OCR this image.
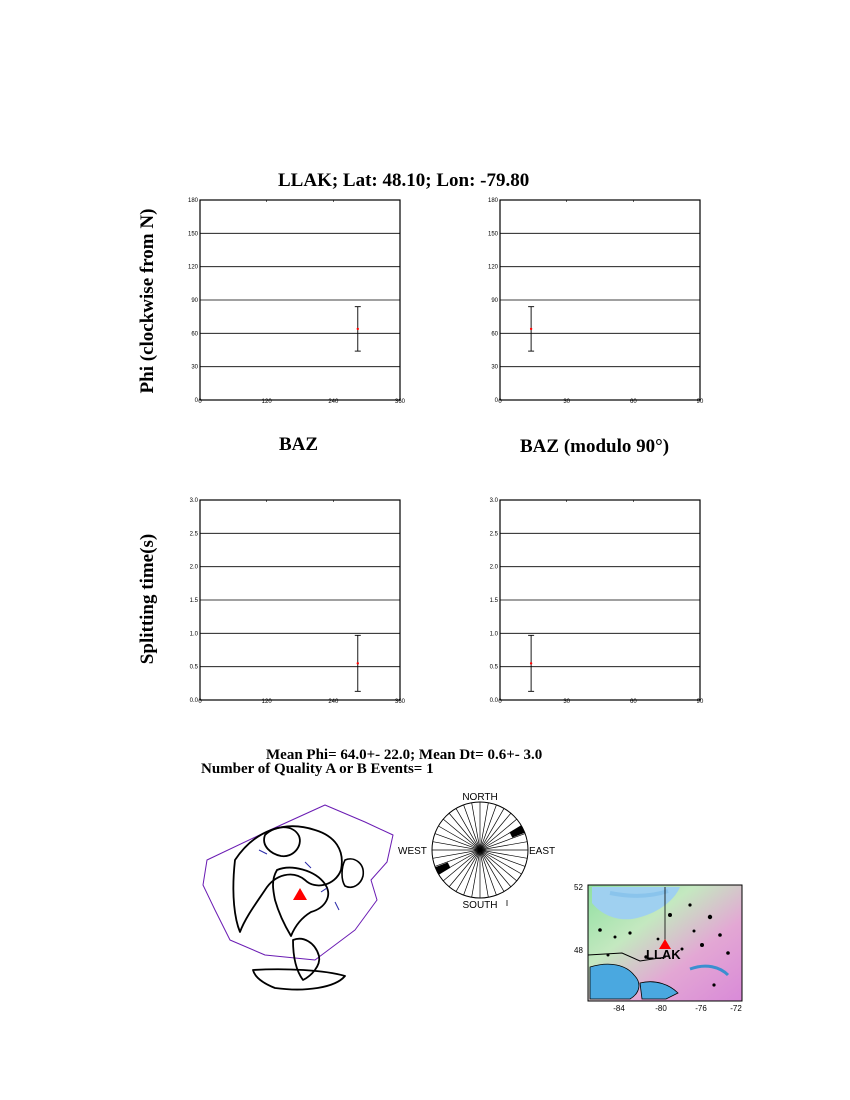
LLAK; Lat: 48.10; Lon: -79.80
Phi (clockwise from N)
Splitting time(s)
BAZ	BAZ (modulo 90°)
0
30
60
90
120
150
180
0	120	240	360	0
30
60
90
120
150
180
0	30	60	90
0.0
0.5
1.0
1.5
2.0
2.5
3.0
0	120	240	360	0.0
0.5
1.0
1.5
2.0
2.5
3.0
0	30	60	90
Mean Phi= 64.0+- 22.0; Mean Dt= 0.6+- 3.0
Number of Quality A or B Events= 1
NORTH
SOUTH
WEST	EAST
LLAK
52
48
-84	-80	-76	-72
